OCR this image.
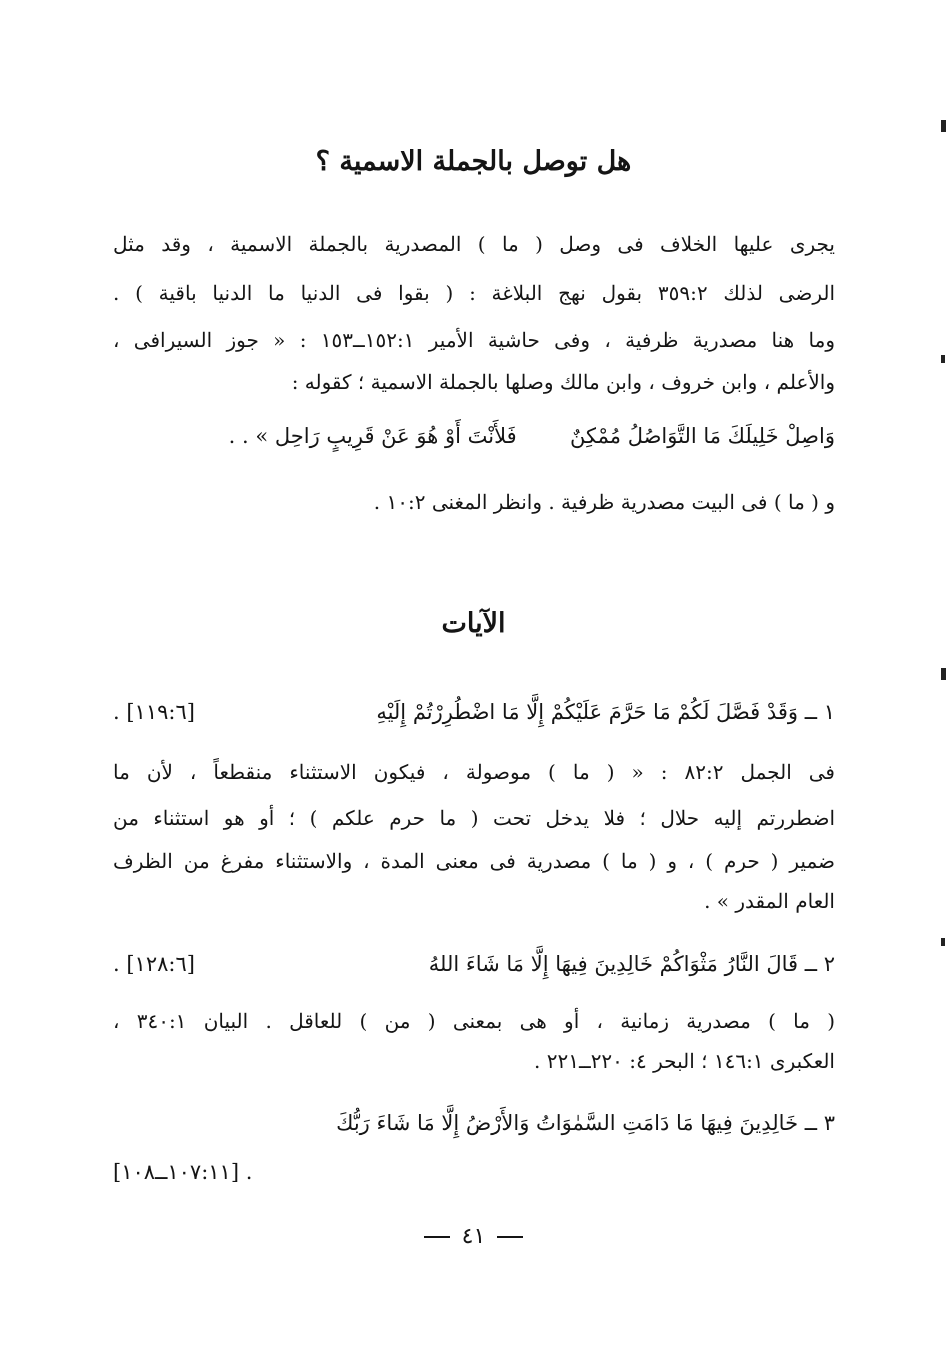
هل توصل بالجملة الاسمية ؟
يجرى عليها الخلاف فى وصل ( ما ) المصدرية بالجملة الاسمية ، وقد مثل
الرضى لذلك ٣٥٩:٢ بقول نهج البلاغة : ( بقوا فى الدنيا ما الدنيا باقية ) .
وما هنا مصدرية ظرفية ، وفى حاشية الأمير ١٥٢:١ــ١٥٣ : « جوز السيرافى ،
والأعلم ، وابن خروف ، وابن مالك وصلها بالجملة الاسمية ؛ كقوله :
وَاصِلْ خَلِيلَكَ مَا التَّوَاصُلُ مُمْكِنٌ  فَلأَنْتَ أَوْ هُوَ عَنْ قَرِيبٍ رَاحِل » . .
و ( ما ) فى البيت مصدرية ظرفية . وانظر المغنى ١٠:٢ .
الآيات
١ ــ وَقَدْ فَصَّلَ لَكُمْ مَا حَرَّمَ عَلَيْكُمْ إِلَّا مَا اضْطُرِرْتُمْ إِلَيْهِ
[١١٩:٦] .
فى الجمل ٨٢:٢ : « ( ما ) موصولة ، فيكون الاستثناء منقطعاً ، لأن ما
اضطررتم إليه حلال ؛ فلا يدخل تحت ( ما حرم علكم ) ؛ أو هو استثناء من
ضمير ( حرم ) ، و ( ما ) مصدرية فى معنى المدة ، والاستثناء مفرغ من الظرف
العام المقدر » .
٢ ــ قَالَ النَّارُ مَثْوَاكُمْ خَالِدِينَ فِيهَا إِلَّا مَا شَاءَ اللهُ
[١٢٨:٦] .
( ما ) مصدرية زمانية ، أو هى بمعنى ( من ) للعاقل . البيان ٣٤٠:١ ،
العكبرى ١٤٦:١ ؛ البحر ٤: ٢٢٠ــ٢٢١ .
٣ ــ خَالِدِينَ فِيهَا مَا دَامَتِ السَّمٰوَاتُ وَالأَرْضُ إِلَّا مَا شَاءَ رَبُّكَ
. [١٠٧:١١ــ١٠٨]
٤١
